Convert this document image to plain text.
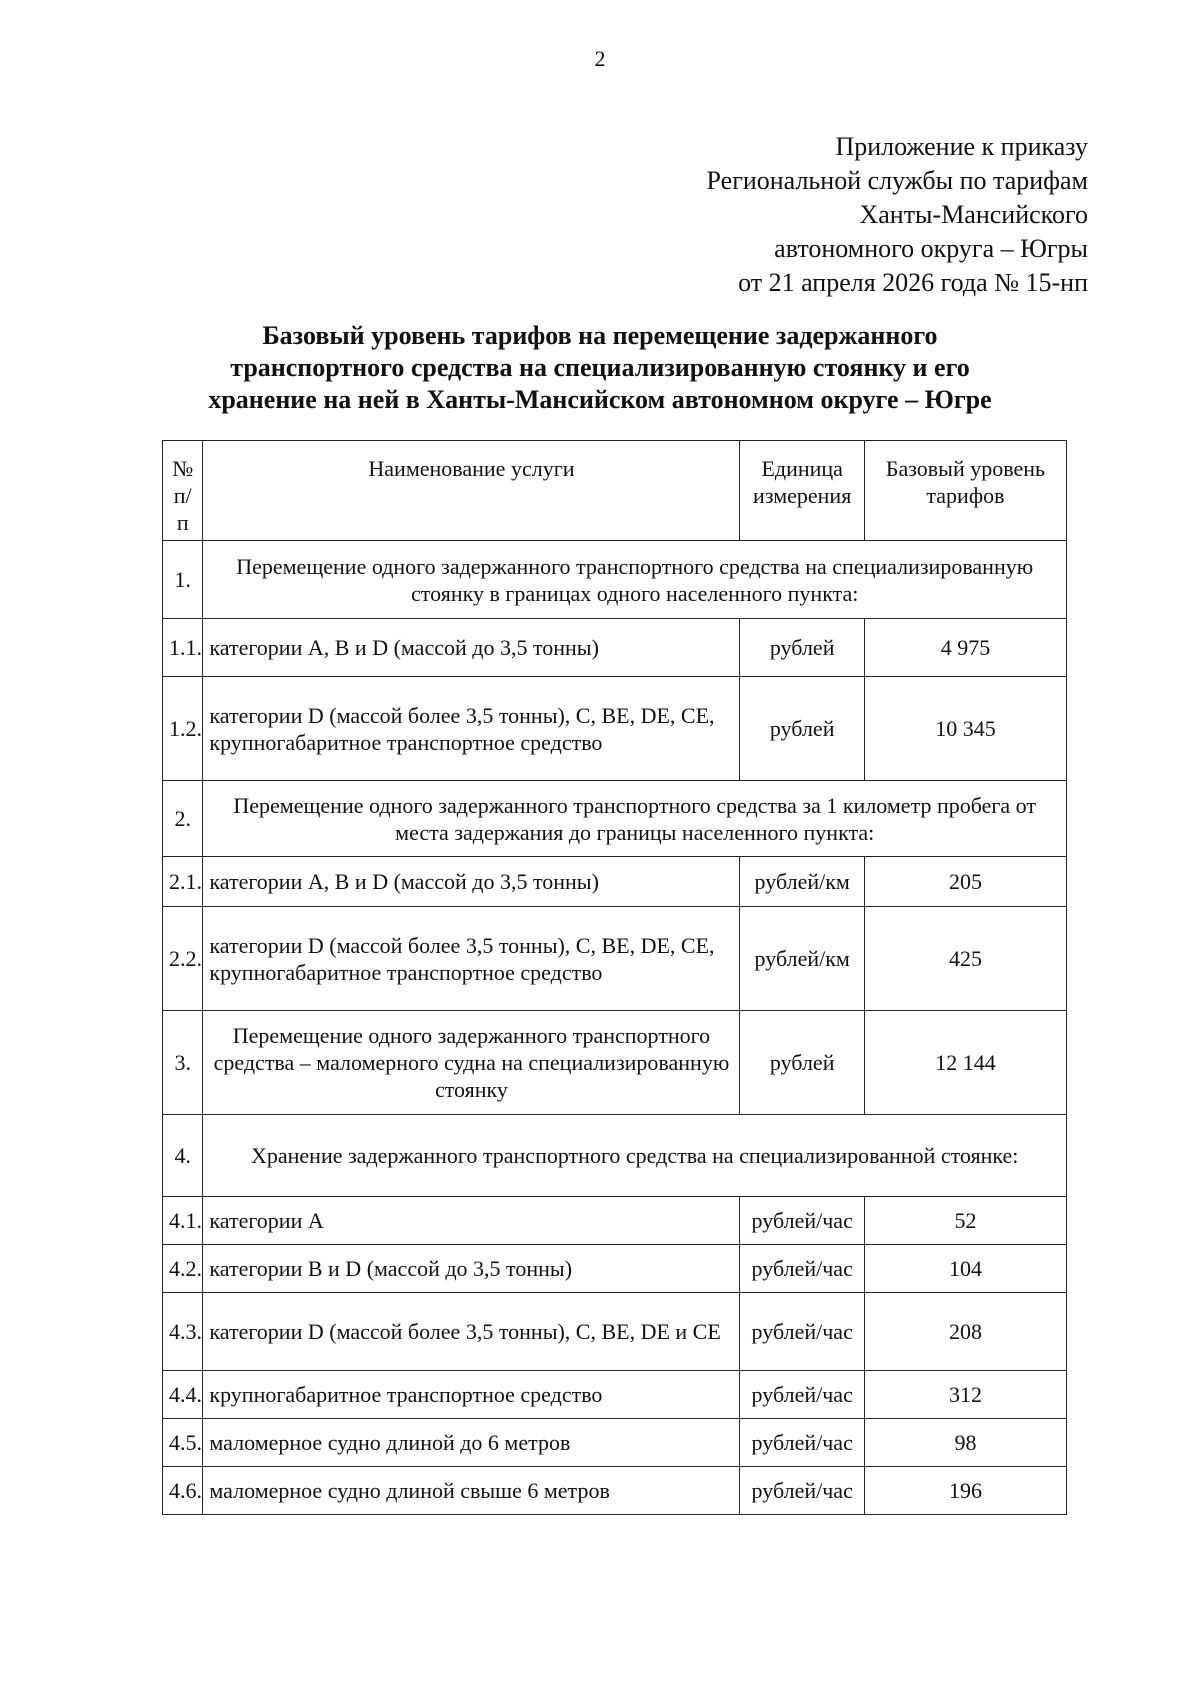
2
Приложение к приказу
Региональной службы по тарифам
Ханты-Мансийского
автономного округа – Югры
от 21 апреля 2026 года № 15-нп
Базовый уровень тарифов на перемещение задержанного
транспортного средства на специализированную стоянку и его
хранение на ней в Ханты-Мансийском автономном округе – Югре
№ п/п	Наименование услуги	Единица измерения	Базовый уровень тарифов
1.	Перемещение одного задержанного транспортного средства на специализированную стоянку в границах одного населенного пункта:		
1.1.	категории A, B и D (массой до 3,5 тонны)	рублей	4 975
1.2.	категории D (массой более 3,5 тонны), C, BE, DE, CE, крупногабаритное транспортное средство	рублей	10 345
2.	Перемещение одного задержанного транспортного средства за 1 километр пробега от места задержания до границы населенного пункта:		
2.1.	категории A, B и D (массой до 3,5 тонны)	рублей/км	205
2.2.	категории D (массой более 3,5 тонны), C, BE, DE, CE, крупногабаритное транспортное средство	рублей/км	425
3.	Перемещение одного задержанного транспортного средства – маломерного судна на специализированную стоянку	рублей	12 144
4.	Хранение задержанного транспортного средства на специализированной стоянке:		
4.1.	категории A	рублей/час	52
4.2.	категории B и D (массой до 3,5 тонны)	рублей/час	104
4.3.	категории D (массой более 3,5 тонны), C, BE, DE и CE	рублей/час	208
4.4.	крупногабаритное транспортное средство	рублей/час	312
4.5.	маломерное судно длиной до 6 метров	рублей/час	98
4.6.	маломерное судно длиной свыше 6 метров	рублей/час	196
